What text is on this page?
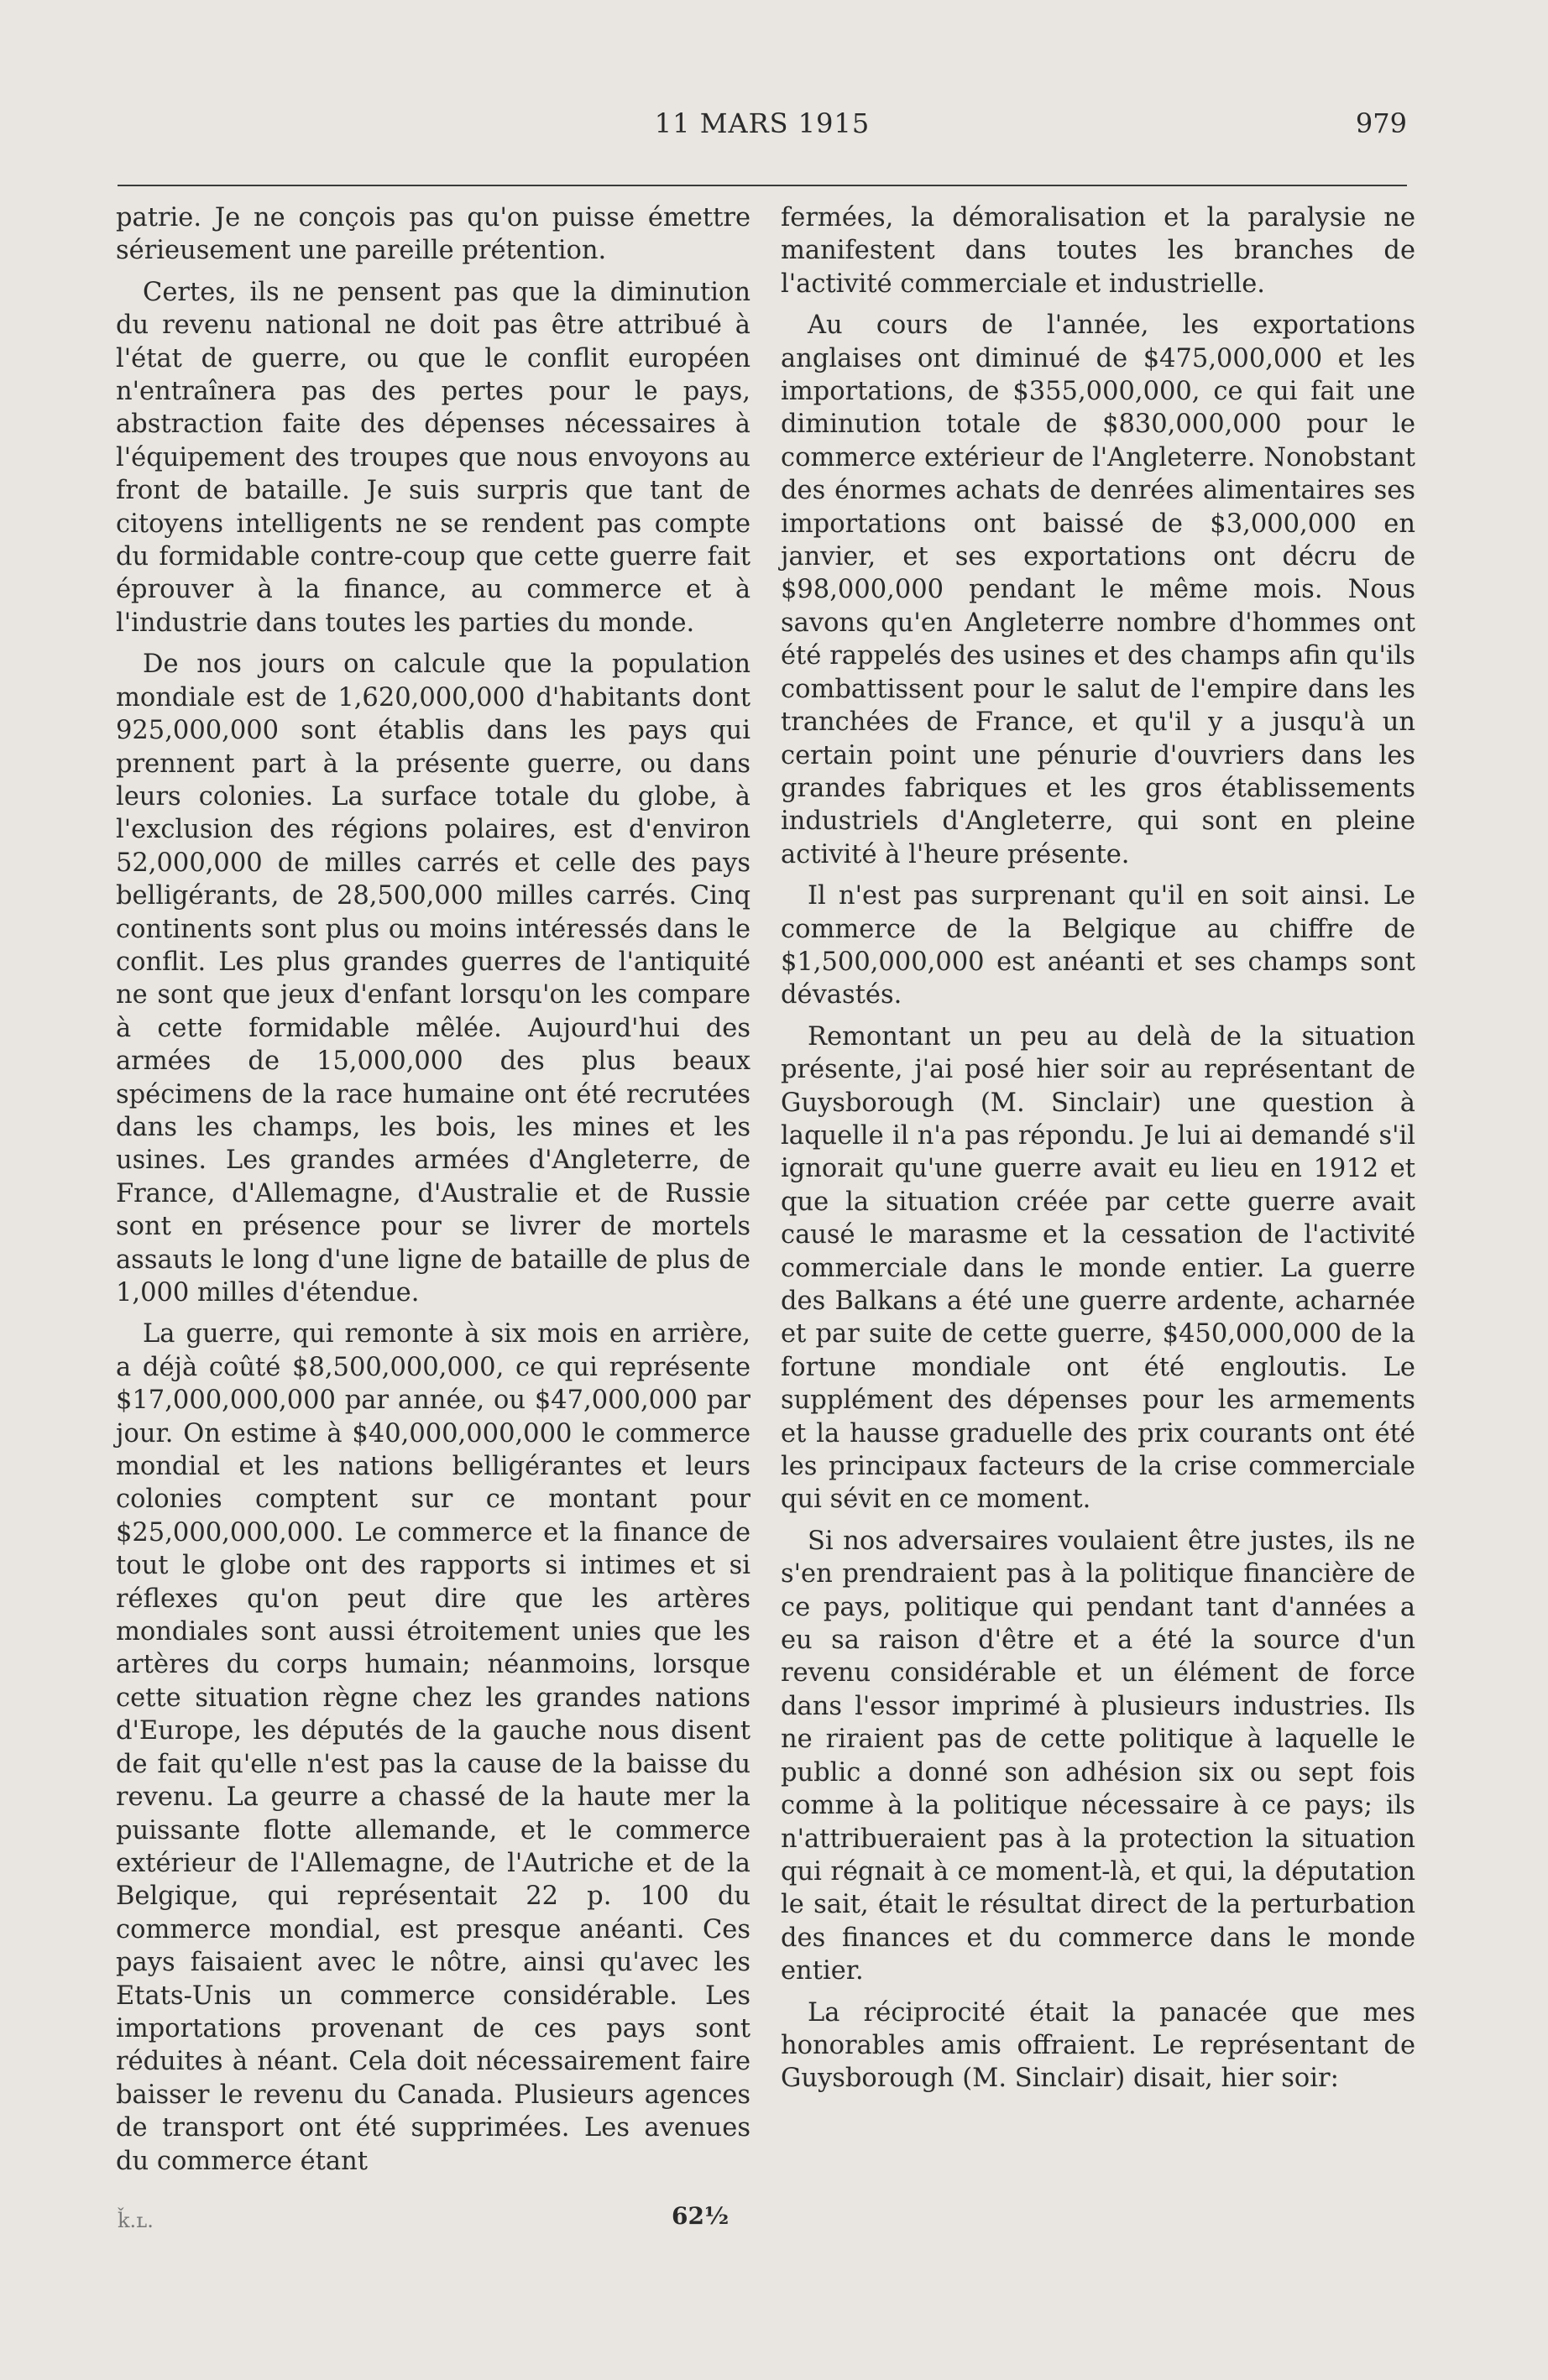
11 MARS 1915	979

patrie. Je ne conçois pas qu'on puisse émettre sérieusement une pareille prétention.

Certes, ils ne pensent pas que la diminution du revenu national ne doit pas être attribué à l'état de guerre, ou que le conflit européen n'entraînera pas des pertes pour le pays, abstraction faite des dépenses nécessaires à l'équipement des troupes que nous envoyons au front de bataille. Je suis surpris que tant de citoyens intelligents ne se rendent pas compte du formidable contre-coup que cette guerre fait éprouver à la finance, au commerce et à l'industrie dans toutes les parties du monde.

De nos jours on calcule que la population mondiale est de 1,620,000,000 d'habitants dont 925,000,000 sont établis dans les pays qui prennent part à la présente guerre, ou dans leurs colonies. La surface totale du globe, à l'exclusion des régions polaires, est d'environ 52,000,000 de milles carrés et celle des pays belligérants, de 28,500,000 milles carrés. Cinq continents sont plus ou moins intéressés dans le conflit. Les plus grandes guerres de l'antiquité ne sont que jeux d'enfant lorsqu'on les compare à cette formidable mêlée. Aujourd'hui des armées de 15,000,000 des plus beaux spécimens de la race humaine ont été recrutées dans les champs, les bois, les mines et les usines. Les grandes armées d'Angleterre, de France, d'Allemagne, d'Australie et de Russie sont en présence pour se livrer de mortels assauts le long d'une ligne de bataille de plus de 1,000 milles d'étendue.

La guerre, qui remonte à six mois en arrière, a déjà coûté $8,500,000,000, ce qui représente $17,000,000,000 par année, ou $47,000,000 par jour. On estime à $40,000,000,000 le commerce mondial et les nations belligérantes et leurs colonies comptent sur ce montant pour $25,000,000,000. Le commerce et la finance de tout le globe ont des rapports si intimes et si réflexes qu'on peut dire que les artères mondiales sont aussi étroitement unies que les artères du corps humain; néanmoins, lorsque cette situation règne chez les grandes nations d'Europe, les députés de la gauche nous disent de fait qu'elle n'est pas la cause de la baisse du revenu. La geurre a chassé de la haute mer la puissante flotte allemande, et le commerce extérieur de l'Allemagne, de l'Autriche et de la Belgique, qui représentait 22 p. 100 du commerce mondial, est presque anéanti. Ces pays faisaient avec le nôtre, ainsi qu'avec les Etats-Unis un commerce considérable. Les importations provenant de ces pays sont réduites à néant. Cela doit nécessairement faire baisser le revenu du Canada. Plusieurs agences de transport ont été supprimées. Les avenues du commerce étant

fermées, la démoralisation et la paralysie ne manifestent dans toutes les branches de l'activité commerciale et industrielle.

Au cours de l'année, les exportations anglaises ont diminué de $475,000,000 et les importations, de $355,000,000, ce qui fait une diminution totale de $830,000,000 pour le commerce extérieur de l'Angleterre. Nonobstant des énormes achats de denrées alimentaires ses importations ont baissé de $3,000,000 en janvier, et ses exportations ont décru de $98,000,000 pendant le même mois. Nous savons qu'en Angleterre nombre d'hommes ont été rappelés des usines et des champs afin qu'ils combattissent pour le salut de l'empire dans les tranchées de France, et qu'il y a jusqu'à un certain point une pénurie d'ouvriers dans les grandes fabriques et les gros établissements industriels d'Angleterre, qui sont en pleine activité à l'heure présente.

Il n'est pas surprenant qu'il en soit ainsi. Le commerce de la Belgique au chiffre de $1,500,000,000 est anéanti et ses champs sont dévastés.

Remontant un peu au delà de la situation présente, j'ai posé hier soir au représentant de Guysborough (M. Sinclair) une question à laquelle il n'a pas répondu. Je lui ai demandé s'il ignorait qu'une guerre avait eu lieu en 1912 et que la situation créée par cette guerre avait causé le marasme et la cessation de l'activité commerciale dans le monde entier. La guerre des Balkans a été une guerre ardente, acharnée et par suite de cette guerre, $450,000,000 de la fortune mondiale ont été engloutis. Le supplément des dépenses pour les armements et la hausse graduelle des prix courants ont été les principaux facteurs de la crise commerciale qui sévit en ce moment.

Si nos adversaires voulaient être justes, ils ne s'en prendraient pas à la politique financière de ce pays, politique qui pendant tant d'années a eu sa raison d'être et a été la source d'un revenu considérable et un élément de force dans l'essor imprimé à plusieurs industries. Ils ne riraient pas de cette politique à laquelle le public a donné son adhésion six ou sept fois comme à la politique nécessaire à ce pays; ils n'attribueraient pas à la protection la situation qui régnait à ce moment-là, et qui, la députation le sait, était le résultat direct de la perturbation des finances et du commerce dans le monde entier.

La réciprocité était la panacée que mes honorables amis offraient. Le représentant de Guysborough (M. Sinclair) disait, hier soir:

ǩ.ʟ.	62½
